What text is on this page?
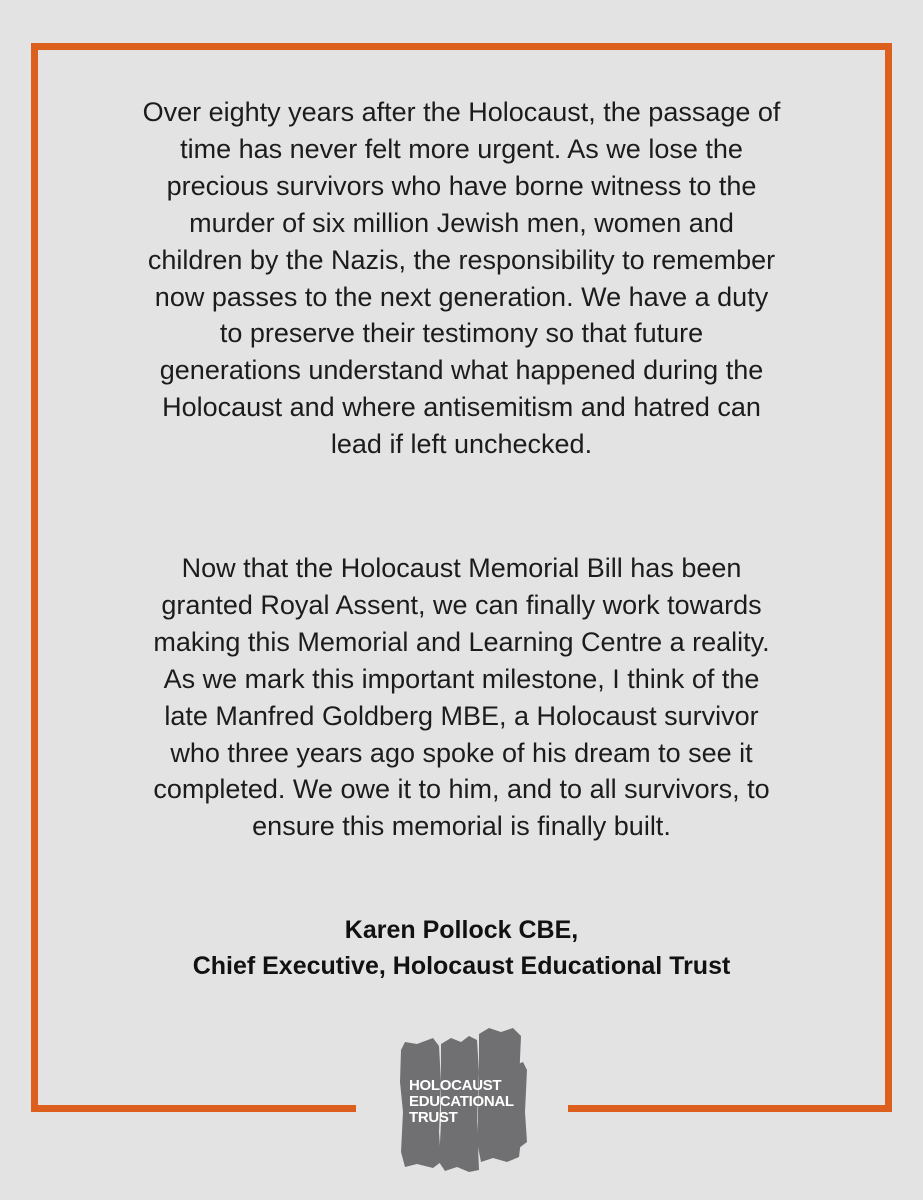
Over eighty years after the Holocaust, the passage of
time has never felt more urgent. As we lose the
precious survivors who have borne witness to the
murder of six million Jewish men, women and
children by the Nazis, the responsibility to remember
now passes to the next generation. We have a duty
to preserve their testimony so that future
generations understand what happened during the
Holocaust and where antisemitism and hatred can
lead if left unchecked.
Now that the Holocaust Memorial Bill has been
granted Royal Assent, we can finally work towards
making this Memorial and Learning Centre a reality.
As we mark this important milestone, I think of the
late Manfred Goldberg MBE, a Holocaust survivor
who three years ago spoke of his dream to see it
completed. We owe it to him, and to all survivors, to
ensure this memorial is finally built.
Karen Pollock CBE,
Chief Executive, Holocaust Educational Trust
HOLOCAUST
EDUCATIONAL
TRUST
